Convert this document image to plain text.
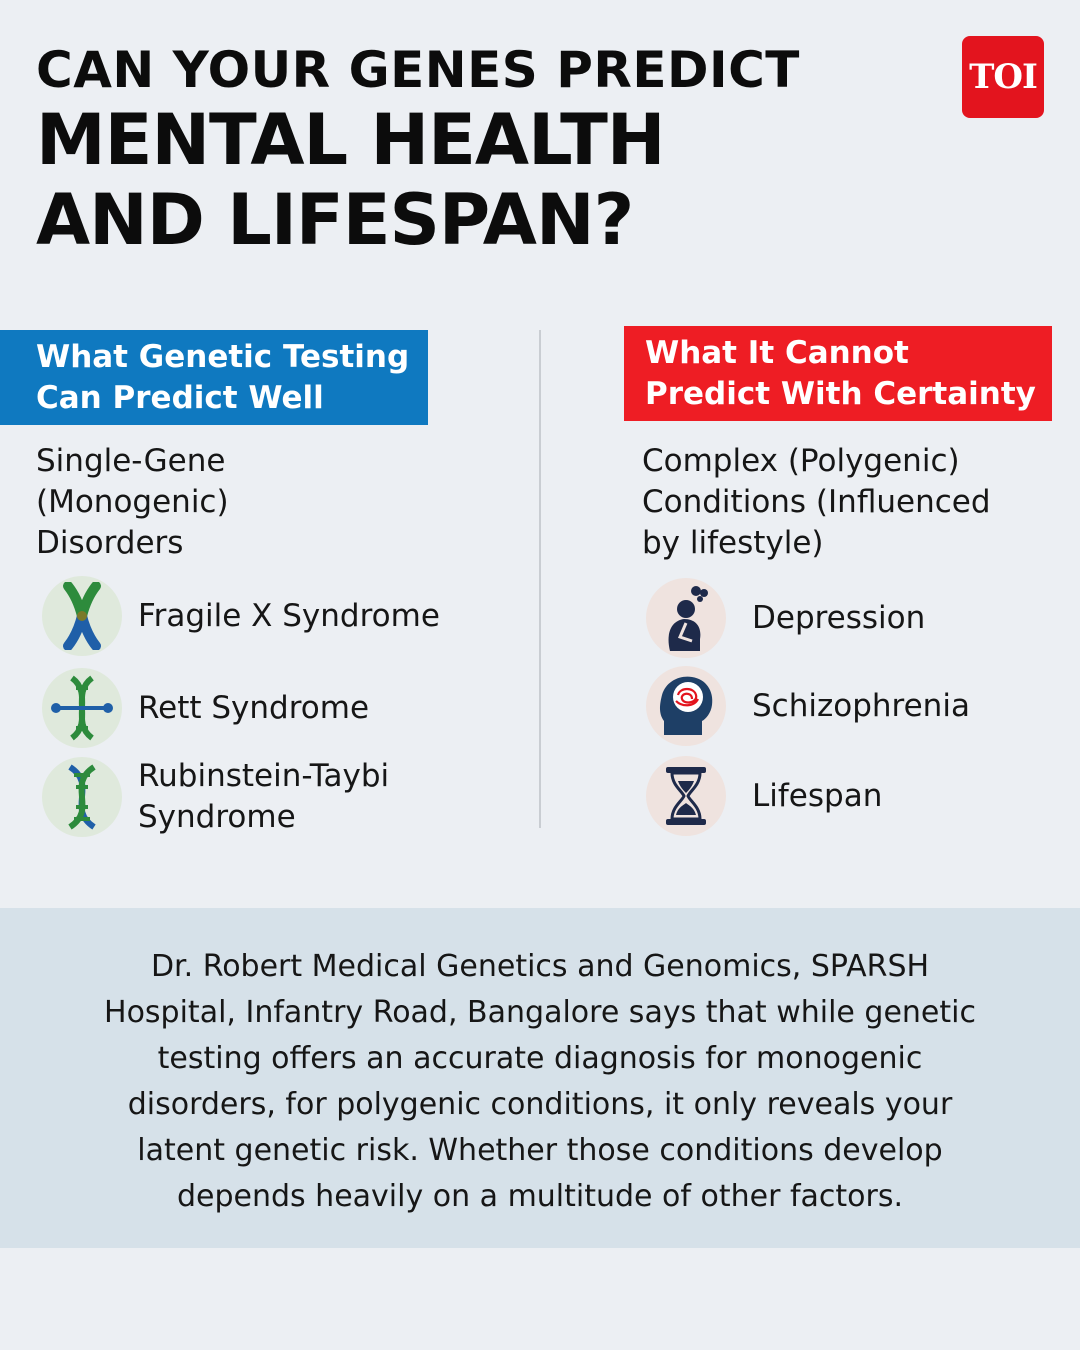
CAN YOUR GENES PREDICT
MENTAL HEALTH
AND LIFESPAN?
TOI
What Genetic Testing
Can Predict Well
Single-Gene
(Monogenic)
Disorders
Fragile X Syndrome
Rett Syndrome
Rubinstein-Taybi
Syndrome
What It Cannot
Predict With Certainty
Complex (Polygenic)
Conditions (Influenced
by lifestyle)
Depression
Schizophrenia
Lifespan
Dr. Robert Medical Genetics and Genomics, SPARSH
Hospital, Infantry Road, Bangalore says that while genetic
testing offers an accurate diagnosis for monogenic
disorders, for polygenic conditions, it only reveals your
latent genetic risk. Whether those conditions develop
depends heavily on a multitude of other factors.
